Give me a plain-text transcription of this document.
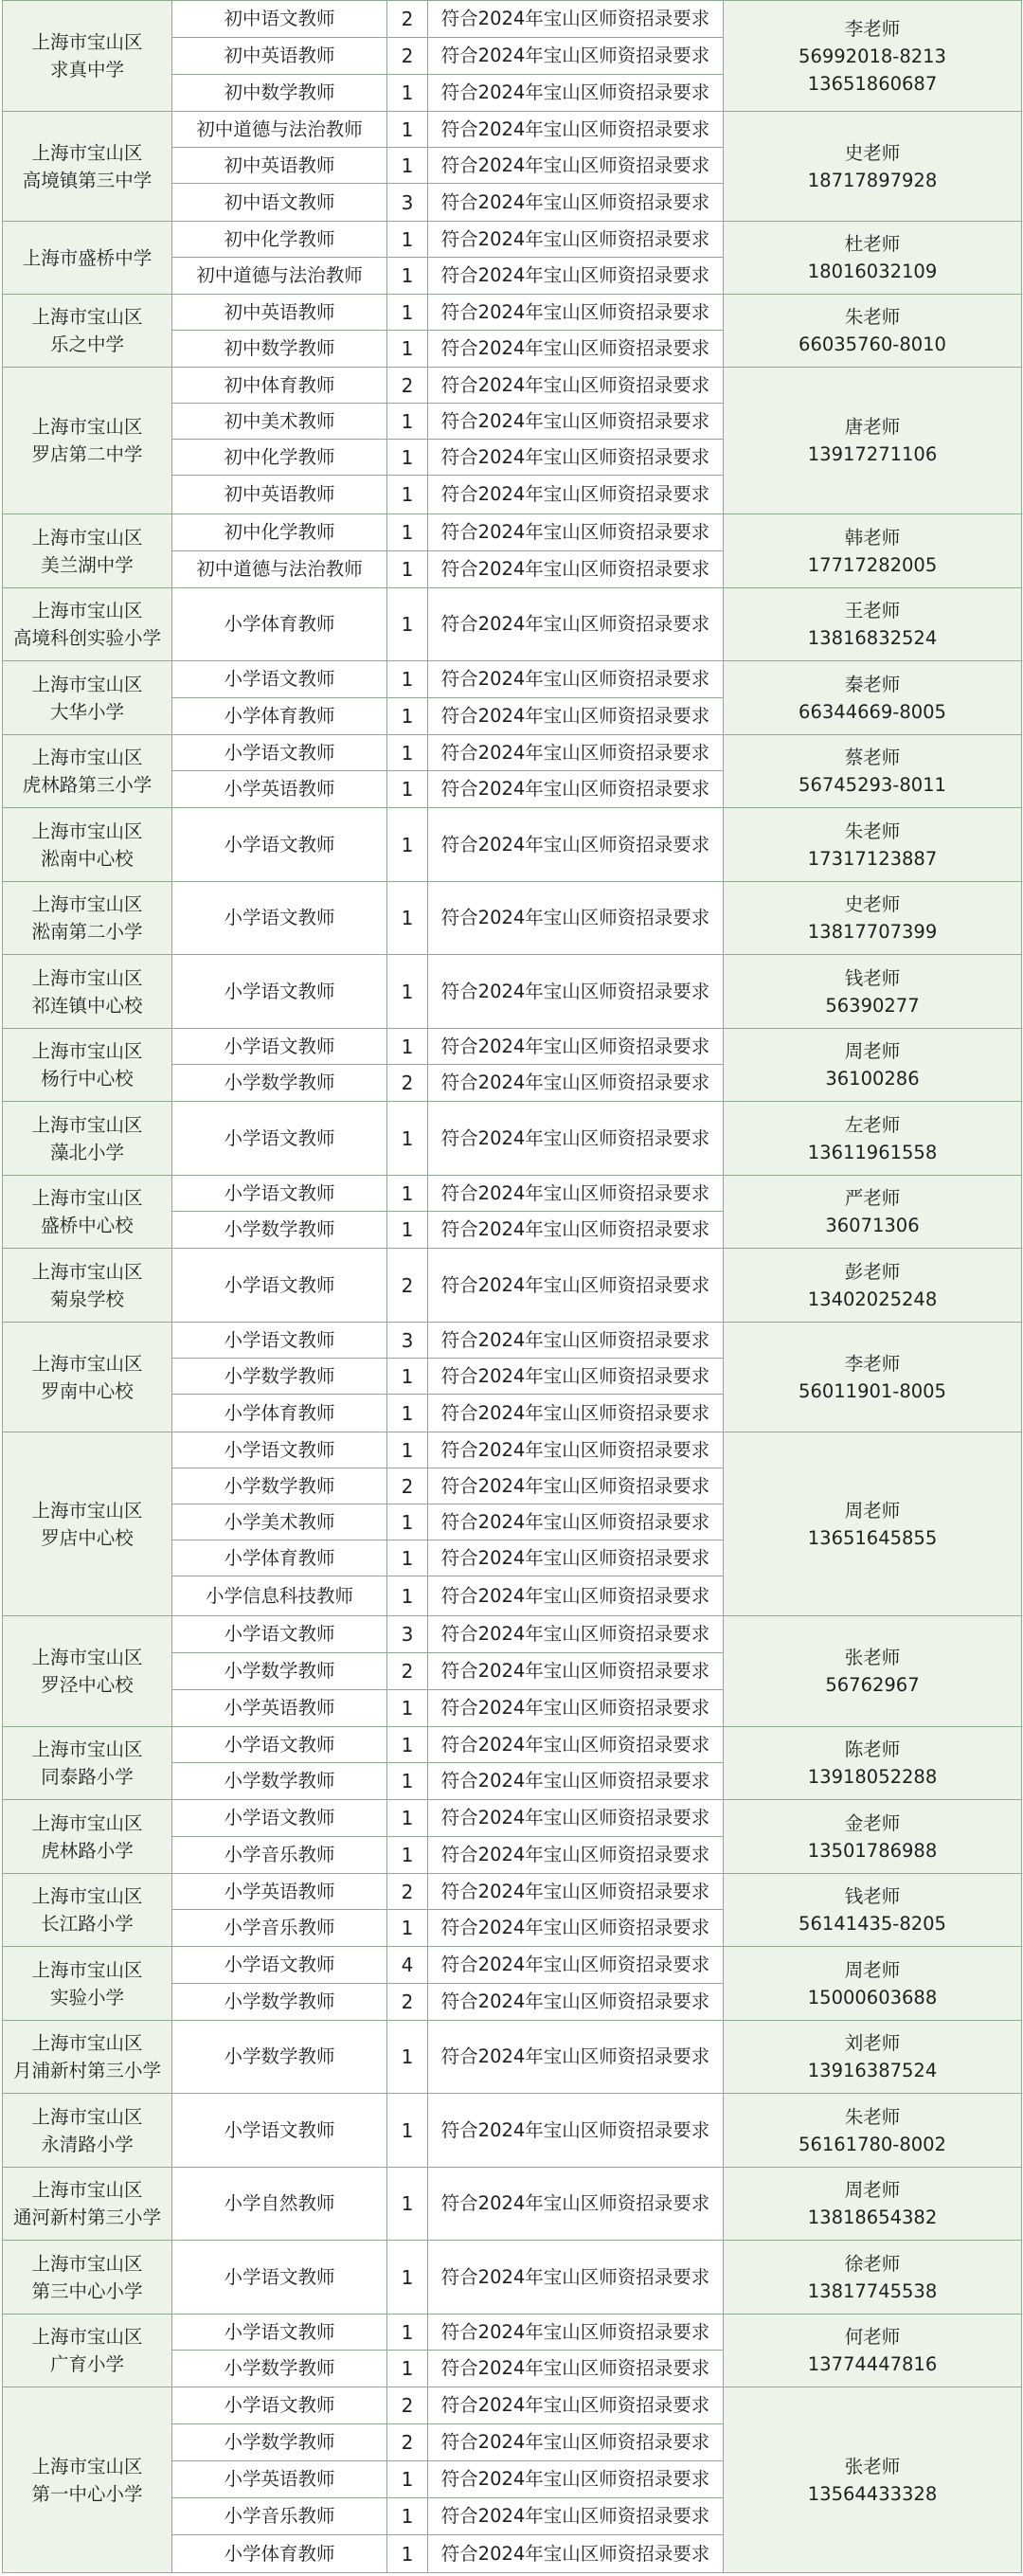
上海市宝山区
求真中学	初中语文教师	2	符合2024年宝山区师资招录要求	李老师
56992018-8213
13651860687

	初中英语教师	2	符合2024年宝山区师资招录要求	
	初中数学教师	1	符合2024年宝山区师资招录要求	

上海市宝山区
高境镇第三中学	初中道德与法治教师	1	符合2024年宝山区师资招录要求	史老师
18717897928

	初中英语教师	1	符合2024年宝山区师资招录要求	
	初中语文教师	3	符合2024年宝山区师资招录要求	

上海市盛桥中学	初中化学教师	1	符合2024年宝山区师资招录要求	杜老师
18016032109

	初中道德与法治教师	1	符合2024年宝山区师资招录要求	

上海市宝山区
乐之中学	初中英语教师	1	符合2024年宝山区师资招录要求	朱老师
66035760-8010

	初中数学教师	1	符合2024年宝山区师资招录要求	

上海市宝山区
罗店第二中学	初中体育教师	2	符合2024年宝山区师资招录要求	唐老师
13917271106

	初中美术教师	1	符合2024年宝山区师资招录要求	
	初中化学教师	1	符合2024年宝山区师资招录要求	
	初中英语教师	1	符合2024年宝山区师资招录要求	

上海市宝山区
美兰湖中学	初中化学教师	1	符合2024年宝山区师资招录要求	韩老师
17717282005

	初中道德与法治教师	1	符合2024年宝山区师资招录要求	

上海市宝山区
高境科创实验小学	小学体育教师	1	符合2024年宝山区师资招录要求	王老师
13816832524

上海市宝山区
大华小学	小学语文教师	1	符合2024年宝山区师资招录要求	秦老师
66344669-8005

	小学体育教师	1	符合2024年宝山区师资招录要求	

上海市宝山区
虎林路第三小学	小学语文教师	1	符合2024年宝山区师资招录要求	蔡老师
56745293-8011

	小学英语教师	1	符合2024年宝山区师资招录要求	

上海市宝山区
淞南中心校	小学语文教师	1	符合2024年宝山区师资招录要求	朱老师
17317123887

上海市宝山区
淞南第二小学	小学语文教师	1	符合2024年宝山区师资招录要求	史老师
13817707399

上海市宝山区
祁连镇中心校	小学语文教师	1	符合2024年宝山区师资招录要求	钱老师
56390277

上海市宝山区
杨行中心校	小学语文教师	1	符合2024年宝山区师资招录要求	周老师
36100286

	小学数学教师	2	符合2024年宝山区师资招录要求	

上海市宝山区
藻北小学	小学语文教师	1	符合2024年宝山区师资招录要求	左老师
13611961558

上海市宝山区
盛桥中心校	小学语文教师	1	符合2024年宝山区师资招录要求	严老师
36071306

	小学数学教师	1	符合2024年宝山区师资招录要求	

上海市宝山区
菊泉学校	小学语文教师	2	符合2024年宝山区师资招录要求	彭老师
13402025248

上海市宝山区
罗南中心校	小学语文教师	3	符合2024年宝山区师资招录要求	李老师
56011901-8005

	小学数学教师	1	符合2024年宝山区师资招录要求	
	小学体育教师	1	符合2024年宝山区师资招录要求	

上海市宝山区
罗店中心校	小学语文教师	1	符合2024年宝山区师资招录要求	周老师
13651645855

	小学数学教师	2	符合2024年宝山区师资招录要求	
	小学美术教师	1	符合2024年宝山区师资招录要求	
	小学体育教师	1	符合2024年宝山区师资招录要求	
	小学信息科技教师	1	符合2024年宝山区师资招录要求	

上海市宝山区
罗泾中心校	小学语文教师	3	符合2024年宝山区师资招录要求	张老师
56762967

	小学数学教师	2	符合2024年宝山区师资招录要求	
	小学英语教师	1	符合2024年宝山区师资招录要求	

上海市宝山区
同泰路小学	小学语文教师	1	符合2024年宝山区师资招录要求	陈老师
13918052288

	小学数学教师	1	符合2024年宝山区师资招录要求	

上海市宝山区
虎林路小学	小学语文教师	1	符合2024年宝山区师资招录要求	金老师
13501786988

	小学音乐教师	1	符合2024年宝山区师资招录要求	

上海市宝山区
长江路小学	小学英语教师	2	符合2024年宝山区师资招录要求	钱老师
56141435-8205

	小学音乐教师	1	符合2024年宝山区师资招录要求	

上海市宝山区
实验小学	小学语文教师	4	符合2024年宝山区师资招录要求	周老师
15000603688

	小学数学教师	2	符合2024年宝山区师资招录要求	

上海市宝山区
月浦新村第三小学	小学数学教师	1	符合2024年宝山区师资招录要求	刘老师
13916387524

上海市宝山区
永清路小学	小学语文教师	1	符合2024年宝山区师资招录要求	朱老师
56161780-8002

上海市宝山区
通河新村第三小学	小学自然教师	1	符合2024年宝山区师资招录要求	周老师
13818654382

上海市宝山区
第三中心小学	小学语文教师	1	符合2024年宝山区师资招录要求	徐老师
13817745538

上海市宝山区
广育小学	小学语文教师	1	符合2024年宝山区师资招录要求	何老师
13774447816

	小学数学教师	1	符合2024年宝山区师资招录要求	

上海市宝山区
第一中心小学	小学语文教师	2	符合2024年宝山区师资招录要求	张老师
13564433328

	小学数学教师	2	符合2024年宝山区师资招录要求	
	小学英语教师	1	符合2024年宝山区师资招录要求	
	小学音乐教师	1	符合2024年宝山区师资招录要求	
	小学体育教师	1	符合2024年宝山区师资招录要求	
